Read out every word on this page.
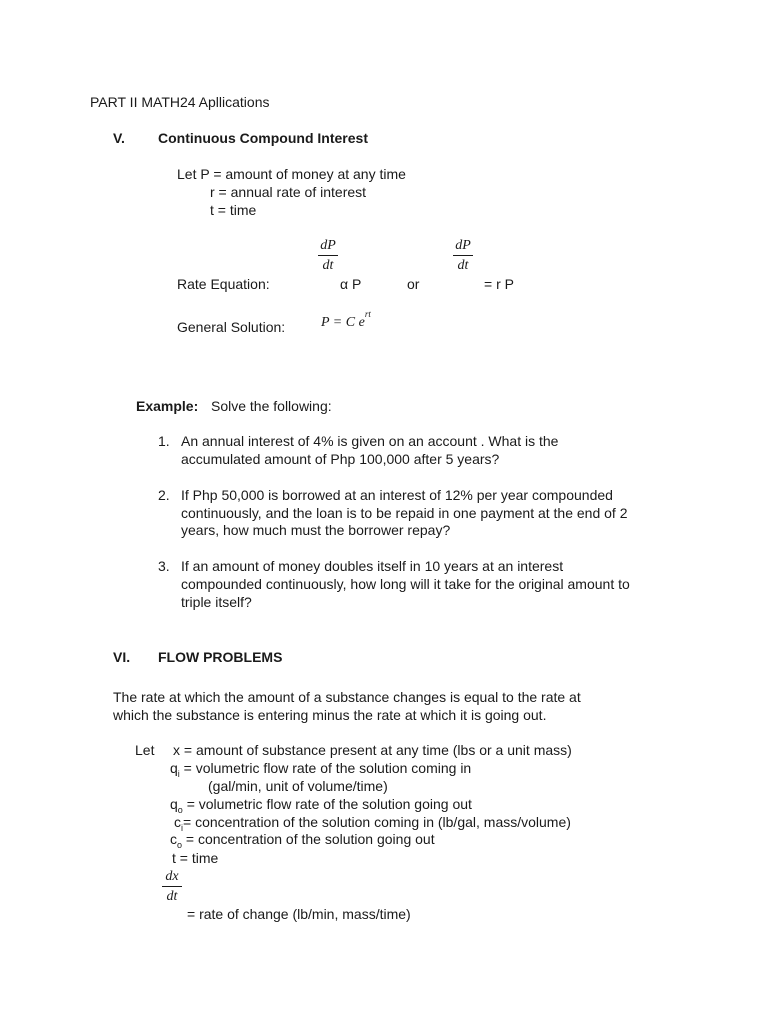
PART II MATH24 Apllications
V. Continuous Compound Interest
Let P = amount of money at any time
r = annual rate of interest
t = time
dP
dt
dP
dt
Rate Equation:	α P	or	= r P
General Solution:	P = C $e^{rt}$
Example: Solve the following:
1. An annual interest of 4% is given on an account . What is the
accumulated amount of Php 100,000 after 5 years?
2. If Php 50,000 is borrowed at an interest of 12% per year compounded
continuously, and the loan is to be repaid in one payment at the end of 2
years, how much must the borrower repay?
3. If an amount of money doubles itself in 10 years at an interest
compounded continuously, how long will it take for the original amount to
triple itself?
VI. FLOW PROBLEMS
The rate at which the amount of a substance changes is equal to the rate at
which the substance is entering minus the rate at which it is going out.
Let x = amount of substance present at any time (lbs or a unit mass)
$q_i$ = volumetric flow rate of the solution coming in
(gal/min, unit of volume/time)
$q_o$ = volumetric flow rate of the solution going out
$c_i=$ concentration of the solution coming in (lb/gal, mass/volume)
$c_o$ = concentration of the solution going out
t = time
dx
dt
= rate of change (lb/min, mass/time)
